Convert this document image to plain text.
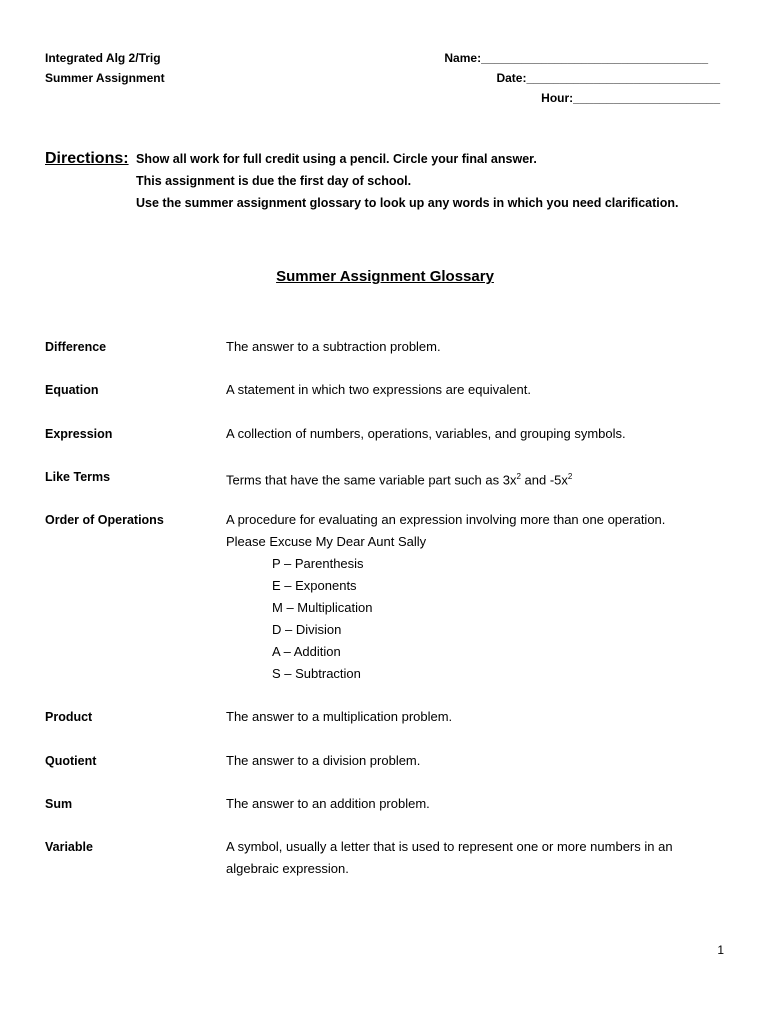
Integrated Alg 2/Trig
Summer Assignment
Name:__________________________________
Date:_____________________________
Hour:______________________
Directions: Show all work for full credit using a pencil. Circle your final answer.
This assignment is due the first day of school.
Use the summer assignment glossary to look up any words in which you need clarification.
Summer Assignment Glossary
Difference	The answer to a subtraction problem.
Equation	A statement in which two expressions are equivalent.
Expression	A collection of numbers, operations, variables, and grouping symbols.
Like Terms	Terms that have the same variable part such as $3x^2$ and $-5x^2$
Order of Operations	A procedure for evaluating an expression involving more than one operation.
Please Excuse My Dear Aunt Sally
P – Parenthesis
E – Exponents
M – Multiplication
D – Division
A – Addition
S – Subtraction
Product	The answer to a multiplication problem.
Quotient	The answer to a division problem.
Sum	The answer to an addition problem.
Variable	A symbol, usually a letter that is used to represent one or more numbers in an
algebraic expression.
1
